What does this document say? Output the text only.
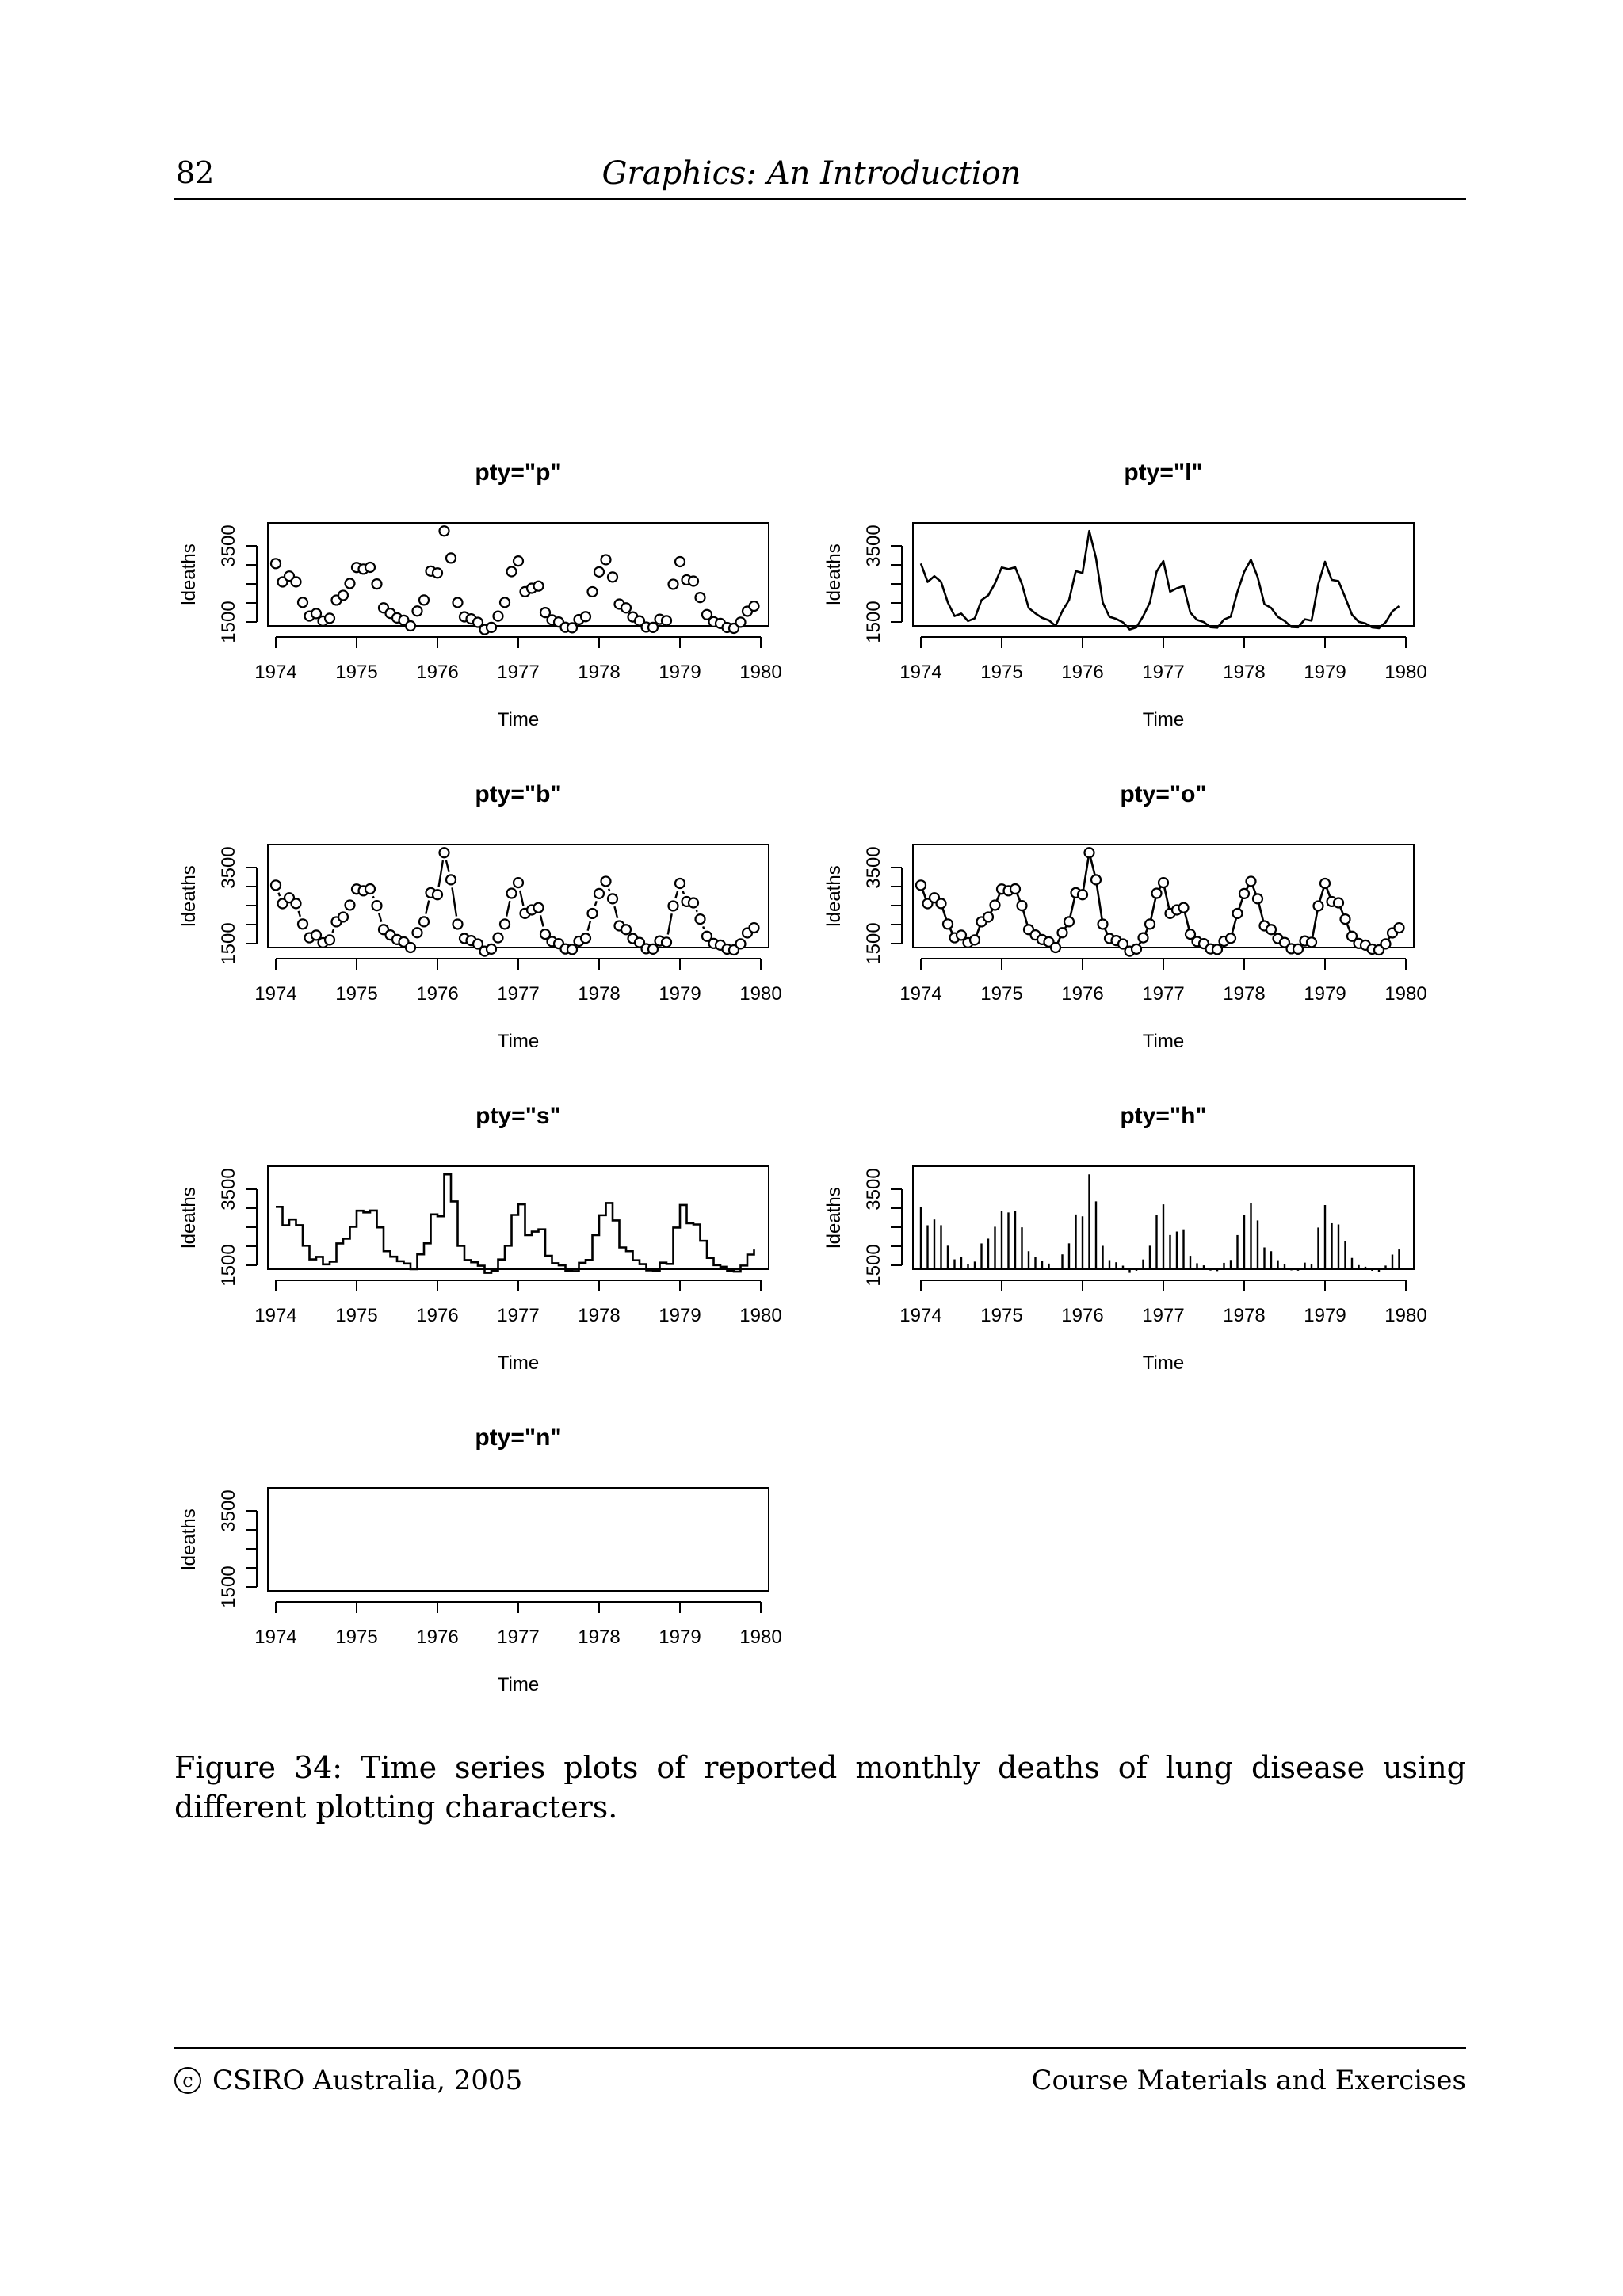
82	Graphics: An Introduction
pty="p"
1974 1975 1976 1977 1978 1979 1980
Time
1500
3500
ldeaths
pty="l"
1974 1975 1976 1977 1978 1979 1980
Time
1500
3500
ldeaths
pty="b"
1974 1975 1976 1977 1978 1979 1980
Time
1500
3500
ldeaths
pty="o"
1974 1975 1976 1977 1978 1979 1980
Time
1500
3500
ldeaths
pty="s"
1974 1975 1976 1977 1978 1979 1980
Time
1500
3500
ldeaths
pty="h"
1974 1975 1976 1977 1978 1979 1980
Time
1500
3500
ldeaths
pty="n"
1974 1975 1976 1977 1978 1979 1980
Time
1500
3500
ldeaths
Figure 34: Time series plots of reported monthly deaths of lung disease using different plotting characters.
c CSIRO Australia, 2005	Course Materials and Exercises
